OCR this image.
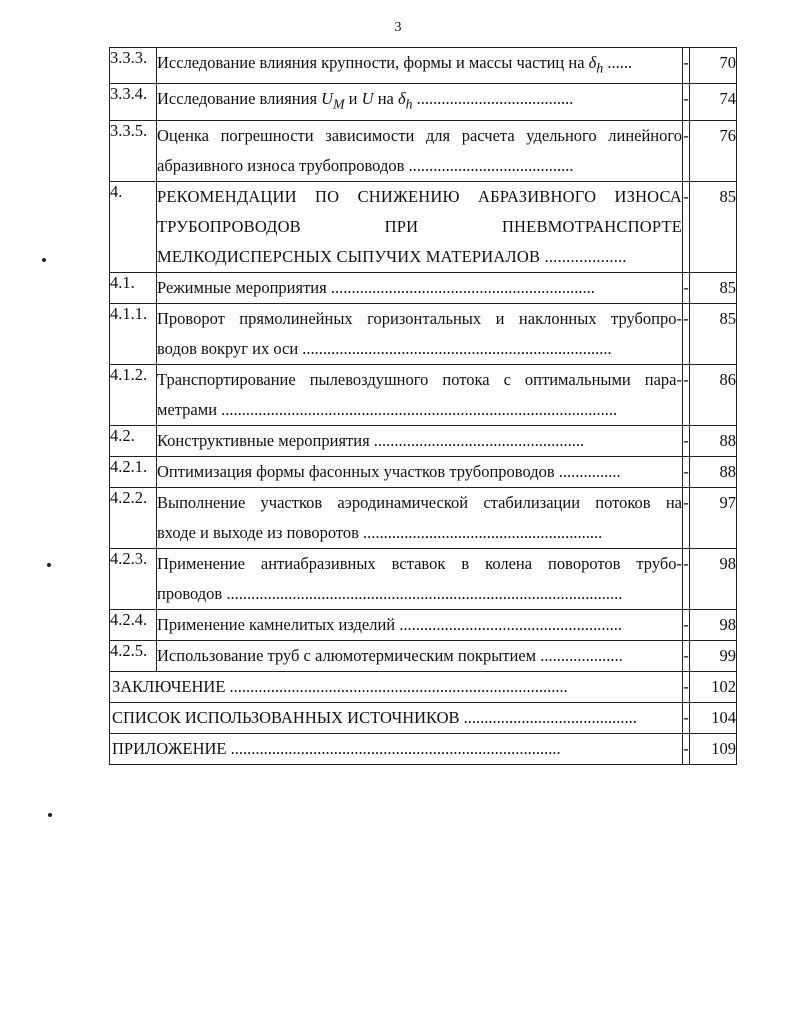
3
3.3.3.	Исследование влияния крупности, формы и массы частиц на $\delta_h$ ......	-	70
3.3.4.	Исследование влияния $U_M$ и U на $\delta_h$ ......................................	-	74
3.3.5.	Оценка погрешности зависимости для расчета удельного линейного
абразивного износа трубопроводов ........................................	-	76
4.	РЕКОМЕНДАЦИИ ПО СНИЖЕНИЮ АБРАЗИВНОГО ИЗНОСА
ТРУБОПРОВОДОВ ПРИ ПНЕВМОТРАНСПОРТЕ
МЕЛКОДИСПЕРСНЫХ СЫПУЧИХ МАТЕРИАЛОВ ...................	-	85
4.1.	Режимные мероприятия ................................................................	-	85
4.1.1.	Проворот прямолинейных горизонтальных и наклонных трубопро-
водов вокруг их оси ...........................................................................	-	85
4.1.2.	Транспортирование пылевоздушного потока с оптимальными пара-
метрами ................................................................................................	-	86
4.2.	Конструктивные мероприятия ...................................................	-	88
4.2.1.	Оптимизация формы фасонных участков трубопроводов ...............	-	88
4.2.2.	Выполнение участков аэродинамической стабилизации потоков на
входе и выходе из поворотов ..........................................................	-	97
4.2.3.	Применение антиабразивных вставок в колена поворотов трубо-
проводов ................................................................................................	-	98
4.2.4.	Применение камнелитых изделий ......................................................	-	98
4.2.5.	Использование труб с алюмотермическим покрытием ....................	-	99
ЗАКЛЮЧЕНИЕ ..................................................................................		-	102
СПИСОК ИСПОЛЬЗОВАННЫХ ИСТОЧНИКОВ ..........................................		-	104
ПРИЛОЖЕНИЕ ................................................................................		-	109
